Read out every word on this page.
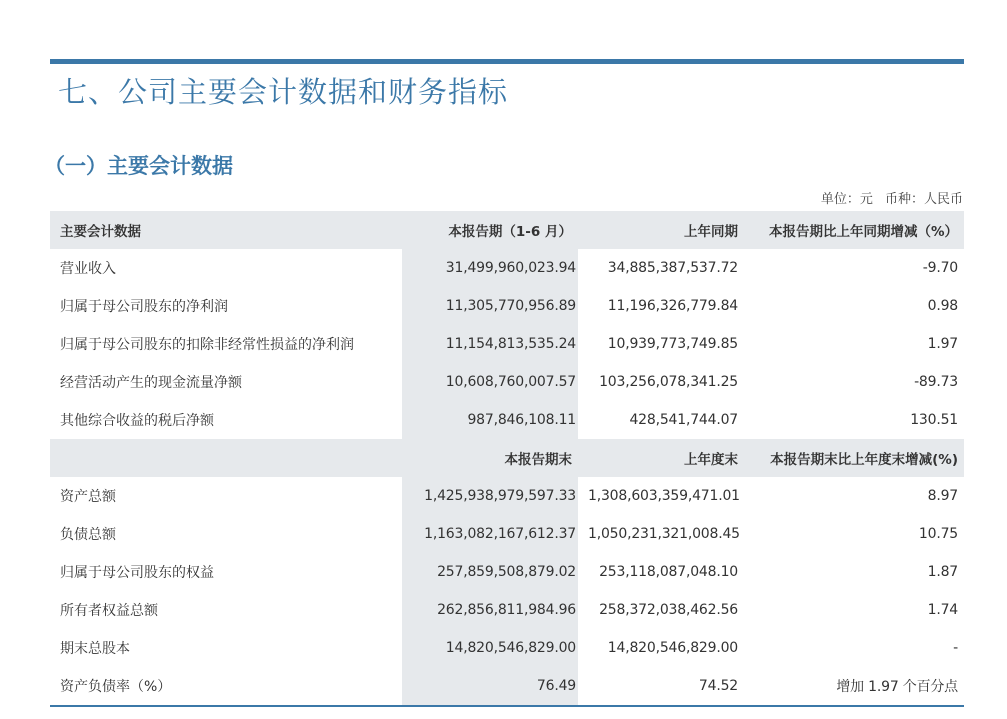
七、公司主要会计数据和财务指标
（一）主要会计数据
单位：元 币种：人民币
主要会计数据	本报告期（1-6 月）	上年同期	本报告期比上年同期增减（%）
营业收入	31,499,960,023.94	34,885,387,537.72	-9.70
归属于母公司股东的净利润	11,305,770,956.89	11,196,326,779.84	0.98
归属于母公司股东的扣除非经常性损益的净利润	11,154,813,535.24	10,939,773,749.85	1.97
经营活动产生的现金流量净额	10,608,760,007.57	103,256,078,341.25	-89.73
其他综合收益的税后净额	987,846,108.11	428,541,744.07	130.51
	本报告期末	上年度末	本报告期末比上年度末增减(%)
资产总额	1,425,938,979,597.33	1,308,603,359,471.01	8.97
负债总额	1,163,082,167,612.37	1,050,231,321,008.45	10.75
归属于母公司股东的权益	257,859,508,879.02	253,118,087,048.10	1.87
所有者权益总额	262,856,811,984.96	258,372,038,462.56	1.74
期末总股本	14,820,546,829.00	14,820,546,829.00	-
资产负债率（%）	76.49	74.52	增加 1.97 个百分点
